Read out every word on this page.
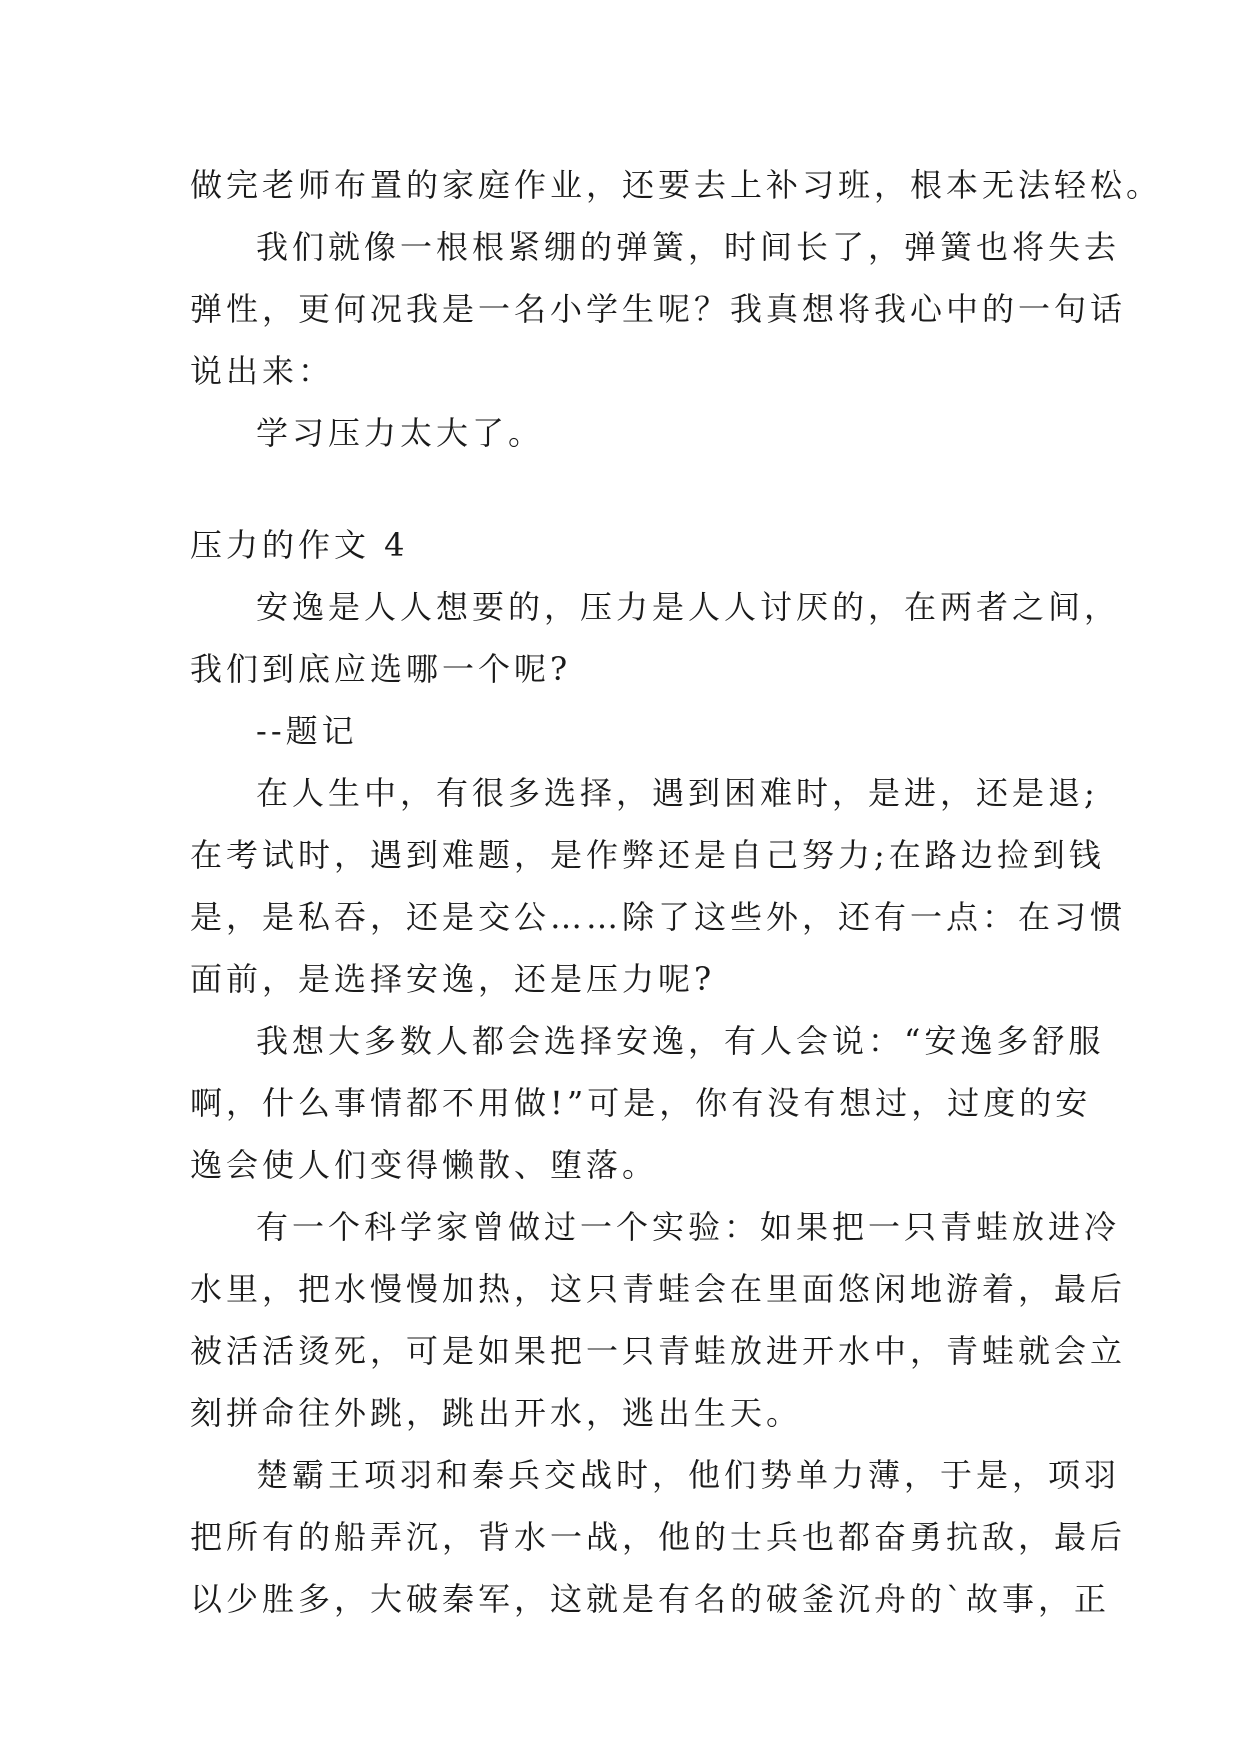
做完老师布置的家庭作业，还要去上补习班，根本无法轻松。
我们就像一根根紧绷的弹簧，时间长了，弹簧也将失去
弹性，更何况我是一名小学生呢？我真想将我心中的一句话
说出来：
学习压力太大了。
压力的作文 4
安逸是人人想要的，压力是人人讨厌的，在两者之间，
我们到底应选哪一个呢?
--题记
在人生中，有很多选择，遇到困难时，是进，还是退;
在考试时，遇到难题，是作弊还是自己努力;在路边捡到钱
是，是私吞，还是交公……除了这些外，还有一点：在习惯
面前，是选择安逸，还是压力呢?
我想大多数人都会选择安逸，有人会说：“安逸多舒服
啊，什么事情都不用做!”可是，你有没有想过，过度的安
逸会使人们变得懒散、堕落。
有一个科学家曾做过一个实验：如果把一只青蛙放进冷
水里，把水慢慢加热，这只青蛙会在里面悠闲地游着，最后
被活活烫死，可是如果把一只青蛙放进开水中，青蛙就会立
刻拼命往外跳，跳出开水，逃出生天。
楚霸王项羽和秦兵交战时，他们势单力薄，于是，项羽
把所有的船弄沉，背水一战，他的士兵也都奋勇抗敌，最后
以少胜多，大破秦军，这就是有名的破釜沉舟的`故事，正
